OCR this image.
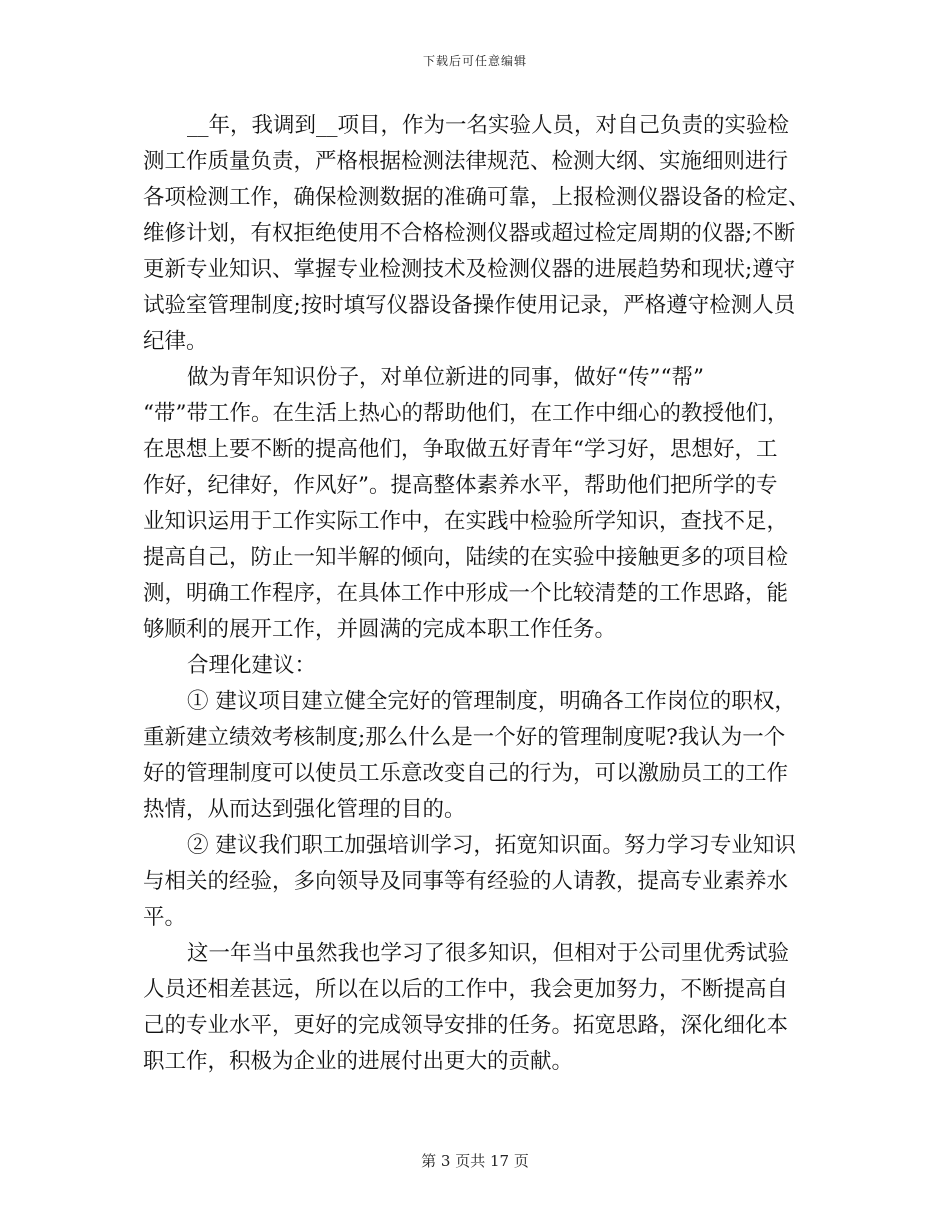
下载后可任意编辑
__年，我调到__项目，作为一名实验人员，对自己负责的实验检
测工作质量负责，严格根据检测法律规范、检测大纲、实施细则进行
各项检测工作，确保检测数据的准确可靠，上报检测仪器设备的检定、
维修计划，有权拒绝使用不合格检测仪器或超过检定周期的仪器;不断
更新专业知识、掌握专业检测技术及检测仪器的进展趋势和现状;遵守
试验室管理制度;按时填写仪器设备操作使用记录，严格遵守检测人员
纪律。
做为青年知识份子，对单位新进的同事，做好“传”“帮”
“带”带工作。在生活上热心的帮助他们，在工作中细心的教授他们，
在思想上要不断的提高他们，争取做五好青年“学习好，思想好，工
作好，纪律好，作风好”。提高整体素养水平，帮助他们把所学的专
业知识运用于工作实际工作中，在实践中检验所学知识，查找不足，
提高自己，防止一知半解的倾向，陆续的在实验中接触更多的项目检
测，明确工作程序，在具体工作中形成一个比较清楚的工作思路，能
够顺利的展开工作，并圆满的完成本职工作任务。
合理化建议：
① 建议项目建立健全完好的管理制度，明确各工作岗位的职权，
重新建立绩效考核制度;那么什么是一个好的管理制度呢?我认为一个
好的管理制度可以使员工乐意改变自己的行为，可以激励员工的工作
热情，从而达到强化管理的目的。
② 建议我们职工加强培训学习，拓宽知识面。努力学习专业知识
与相关的经验，多向领导及同事等有经验的人请教，提高专业素养水
平。
这一年当中虽然我也学习了很多知识，但相对于公司里优秀试验
人员还相差甚远，所以在以后的工作中，我会更加努力，不断提高自
己的专业水平，更好的完成领导安排的任务。拓宽思路，深化细化本
职工作，积极为企业的进展付出更大的贡献。
第 3 页共 17 页
